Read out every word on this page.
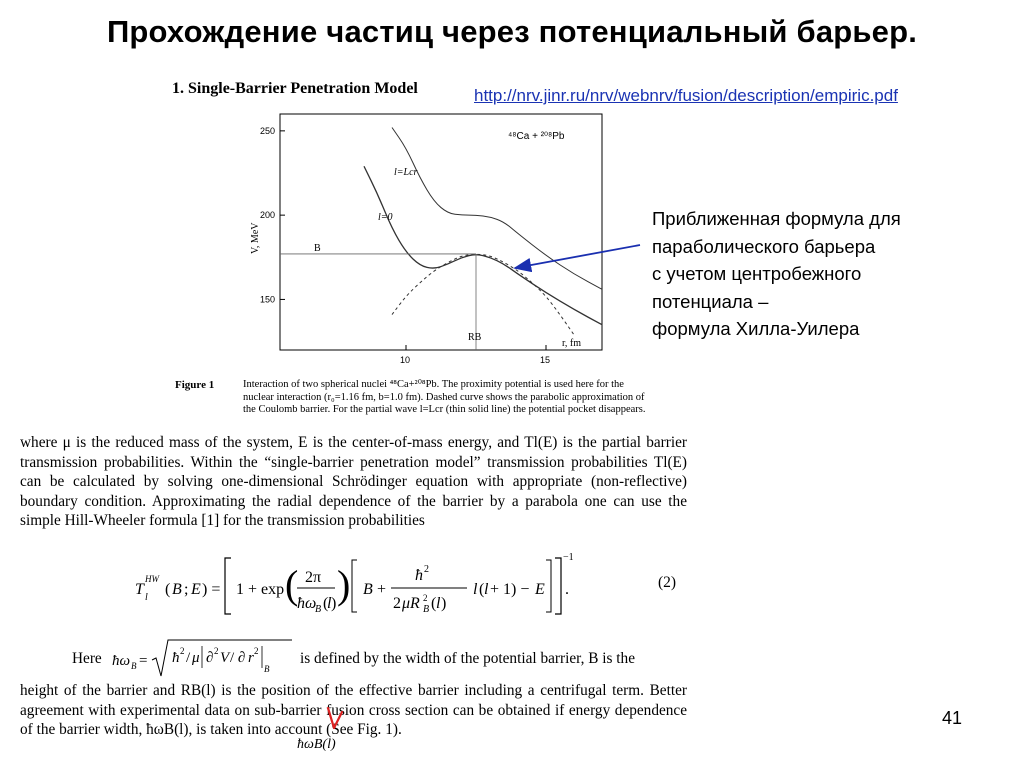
Прохождение частиц через потенциальный барьер.
1. Single-Barrier Penetration Model	http://nrv.jinr.ru/nrv/webnrv/fusion/description/empiric.pdf
10	15
150
200
250
B
RB
⁴⁸Ca + ²⁰⁸Pb
l=Lcr
l=0
V, MeV
r, fm
Приближенная формула для
параболического барьера
с учетом центробежного
потенциала –
формула Хилла-Уилера
Figure 1	Interaction of two spherical nuclei ⁴⁸Ca+²⁰⁸Pb. The proximity potential is used here for the
nuclear interaction (r₀=1.16 fm, b=1.0 fm). Dashed curve shows the parabolic approximation of
the Coulomb barrier. For the partial wave l=Lcr (thin solid line) the potential pocket disappears.

where μ is the reduced mass of the system, E is the center-of-mass energy, and Tl(E) is the partial barrier transmission probabilities. Within the “single-barrier penetration model” transmission probabilities Tl(E) can be calculated by solving one-dimensional Schrödinger equation with appropriate (non-reflective) boundary condition. Approximating the radial dependence of the barrier by a parabola one can use the simple Hill-Wheeler formula [1] for the transmission probabilities

T l
HW
( B ; E ) = 1 + exp ( 2π
ħω
B (
l ) ) B +
ħ 2
2 μR B
2 ( l )
l ( l + 1) − E
−1
.	(2)
Here ħω B = ħ 2 / μ ∂ 2 V / ∂ r 2
B
is defined by the width of the potential barrier, B is the

height of the barrier and RB(l) is the position of the effective barrier including a centrifugal term. Better agreement with experimental data on sub-barrier fusion cross section can be obtained if energy dependence of the barrier width, ħωB(l), is taken into account (See Fig. 1).

ħωB(l)
41
